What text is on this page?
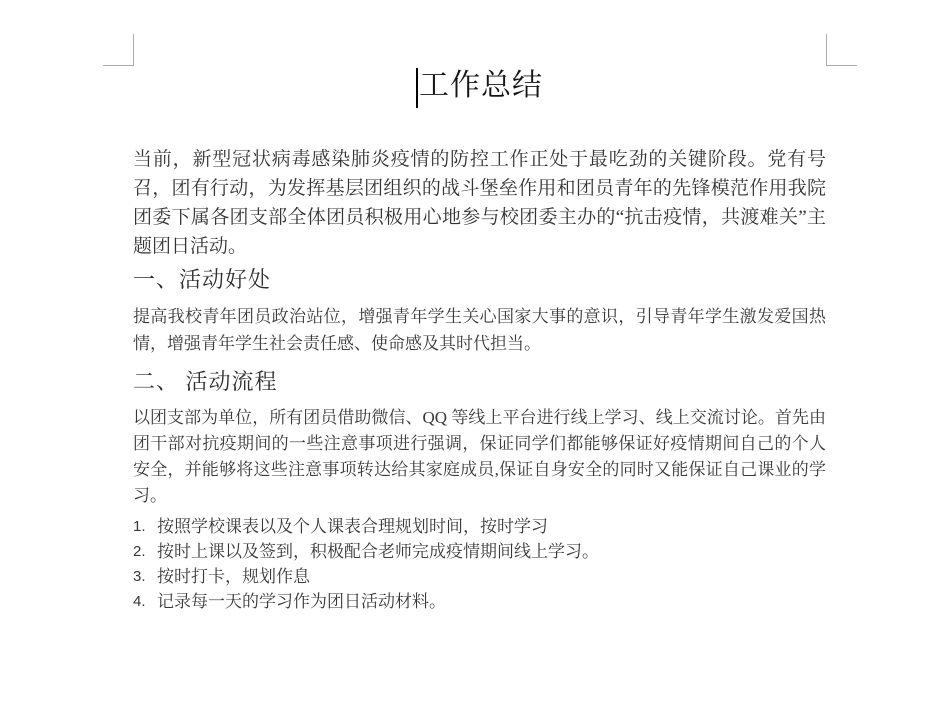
工作总结

当前，新型冠状病毒感染肺炎疫情的防控工作正处于最吃劲的关键阶段。党有号召，团有行动，为发挥基层团组织的战斗堡垒作用和团员青年的先锋模范作用我院团委下属各团支部全体团员积极用心地参与校团委主办的“抗击疫情，共渡难关”主题团日活动。

一、活动好处

提高我校青年团员政治站位，增强青年学生关心国家大事的意识，引导青年学生激发爱国热情，增强青年学生社会责任感、使命感及其时代担当。

二、 活动流程

以团支部为单位，所有团员借助微信、QQ 等线上平台进行线上学习、线上交流讨论。首先由团干部对抗疫期间的一些注意事项进行强调，保证同学们都能够保证好疫情期间自己的个人安全，并能够将这些注意事项转达给其家庭成员,保证自身安全的同时又能保证自己课业的学习。

1. 按照学校课表以及个人课表合理规划时间，按时学习
2. 按时上课以及签到，积极配合老师完成疫情期间线上学习。
3. 按时打卡，规划作息
4. 记录每一天的学习作为团日活动材料。
